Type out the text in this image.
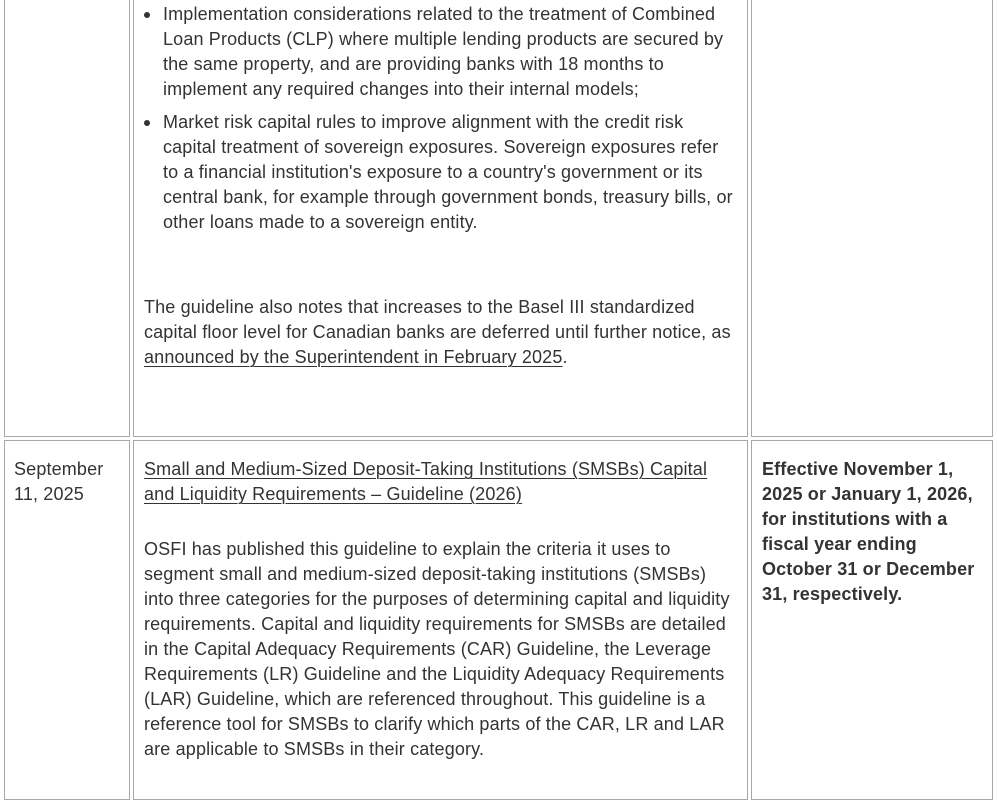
Implementation considerations related to the treatment of Combined Loan Products (CLP) where multiple lending products are secured by the same property, and are providing banks with 18 months to implement any required changes into their internal models;
Market risk capital rules to improve alignment with the credit risk capital treatment of sovereign exposures. Sovereign exposures refer to a financial institution's exposure to a country's government or its central bank, for example through government bonds, treasury bills, or other loans made to a sovereign entity.
The guideline also notes that increases to the Basel III standardized capital floor level for Canadian banks are deferred until further notice, as announced by the Superintendent in February 2025.
September 11, 2025
Small and Medium-Sized Deposit-Taking Institutions (SMSBs) Capital and Liquidity Requirements – Guideline (2026)
OSFI has published this guideline to explain the criteria it uses to segment small and medium-sized deposit-taking institutions (SMSBs) into three categories for the purposes of determining capital and liquidity requirements. Capital and liquidity requirements for SMSBs are detailed in the Capital Adequacy Requirements (CAR) Guideline, the Leverage Requirements (LR) Guideline and the Liquidity Adequacy Requirements (LAR) Guideline, which are referenced throughout. This guideline is a reference tool for SMSBs to clarify which parts of the CAR, LR and LAR are applicable to SMSBs in their category.
Effective November 1, 2025 or January 1, 2026, for institutions with a fiscal year ending October 31 or December 31, respectively.
